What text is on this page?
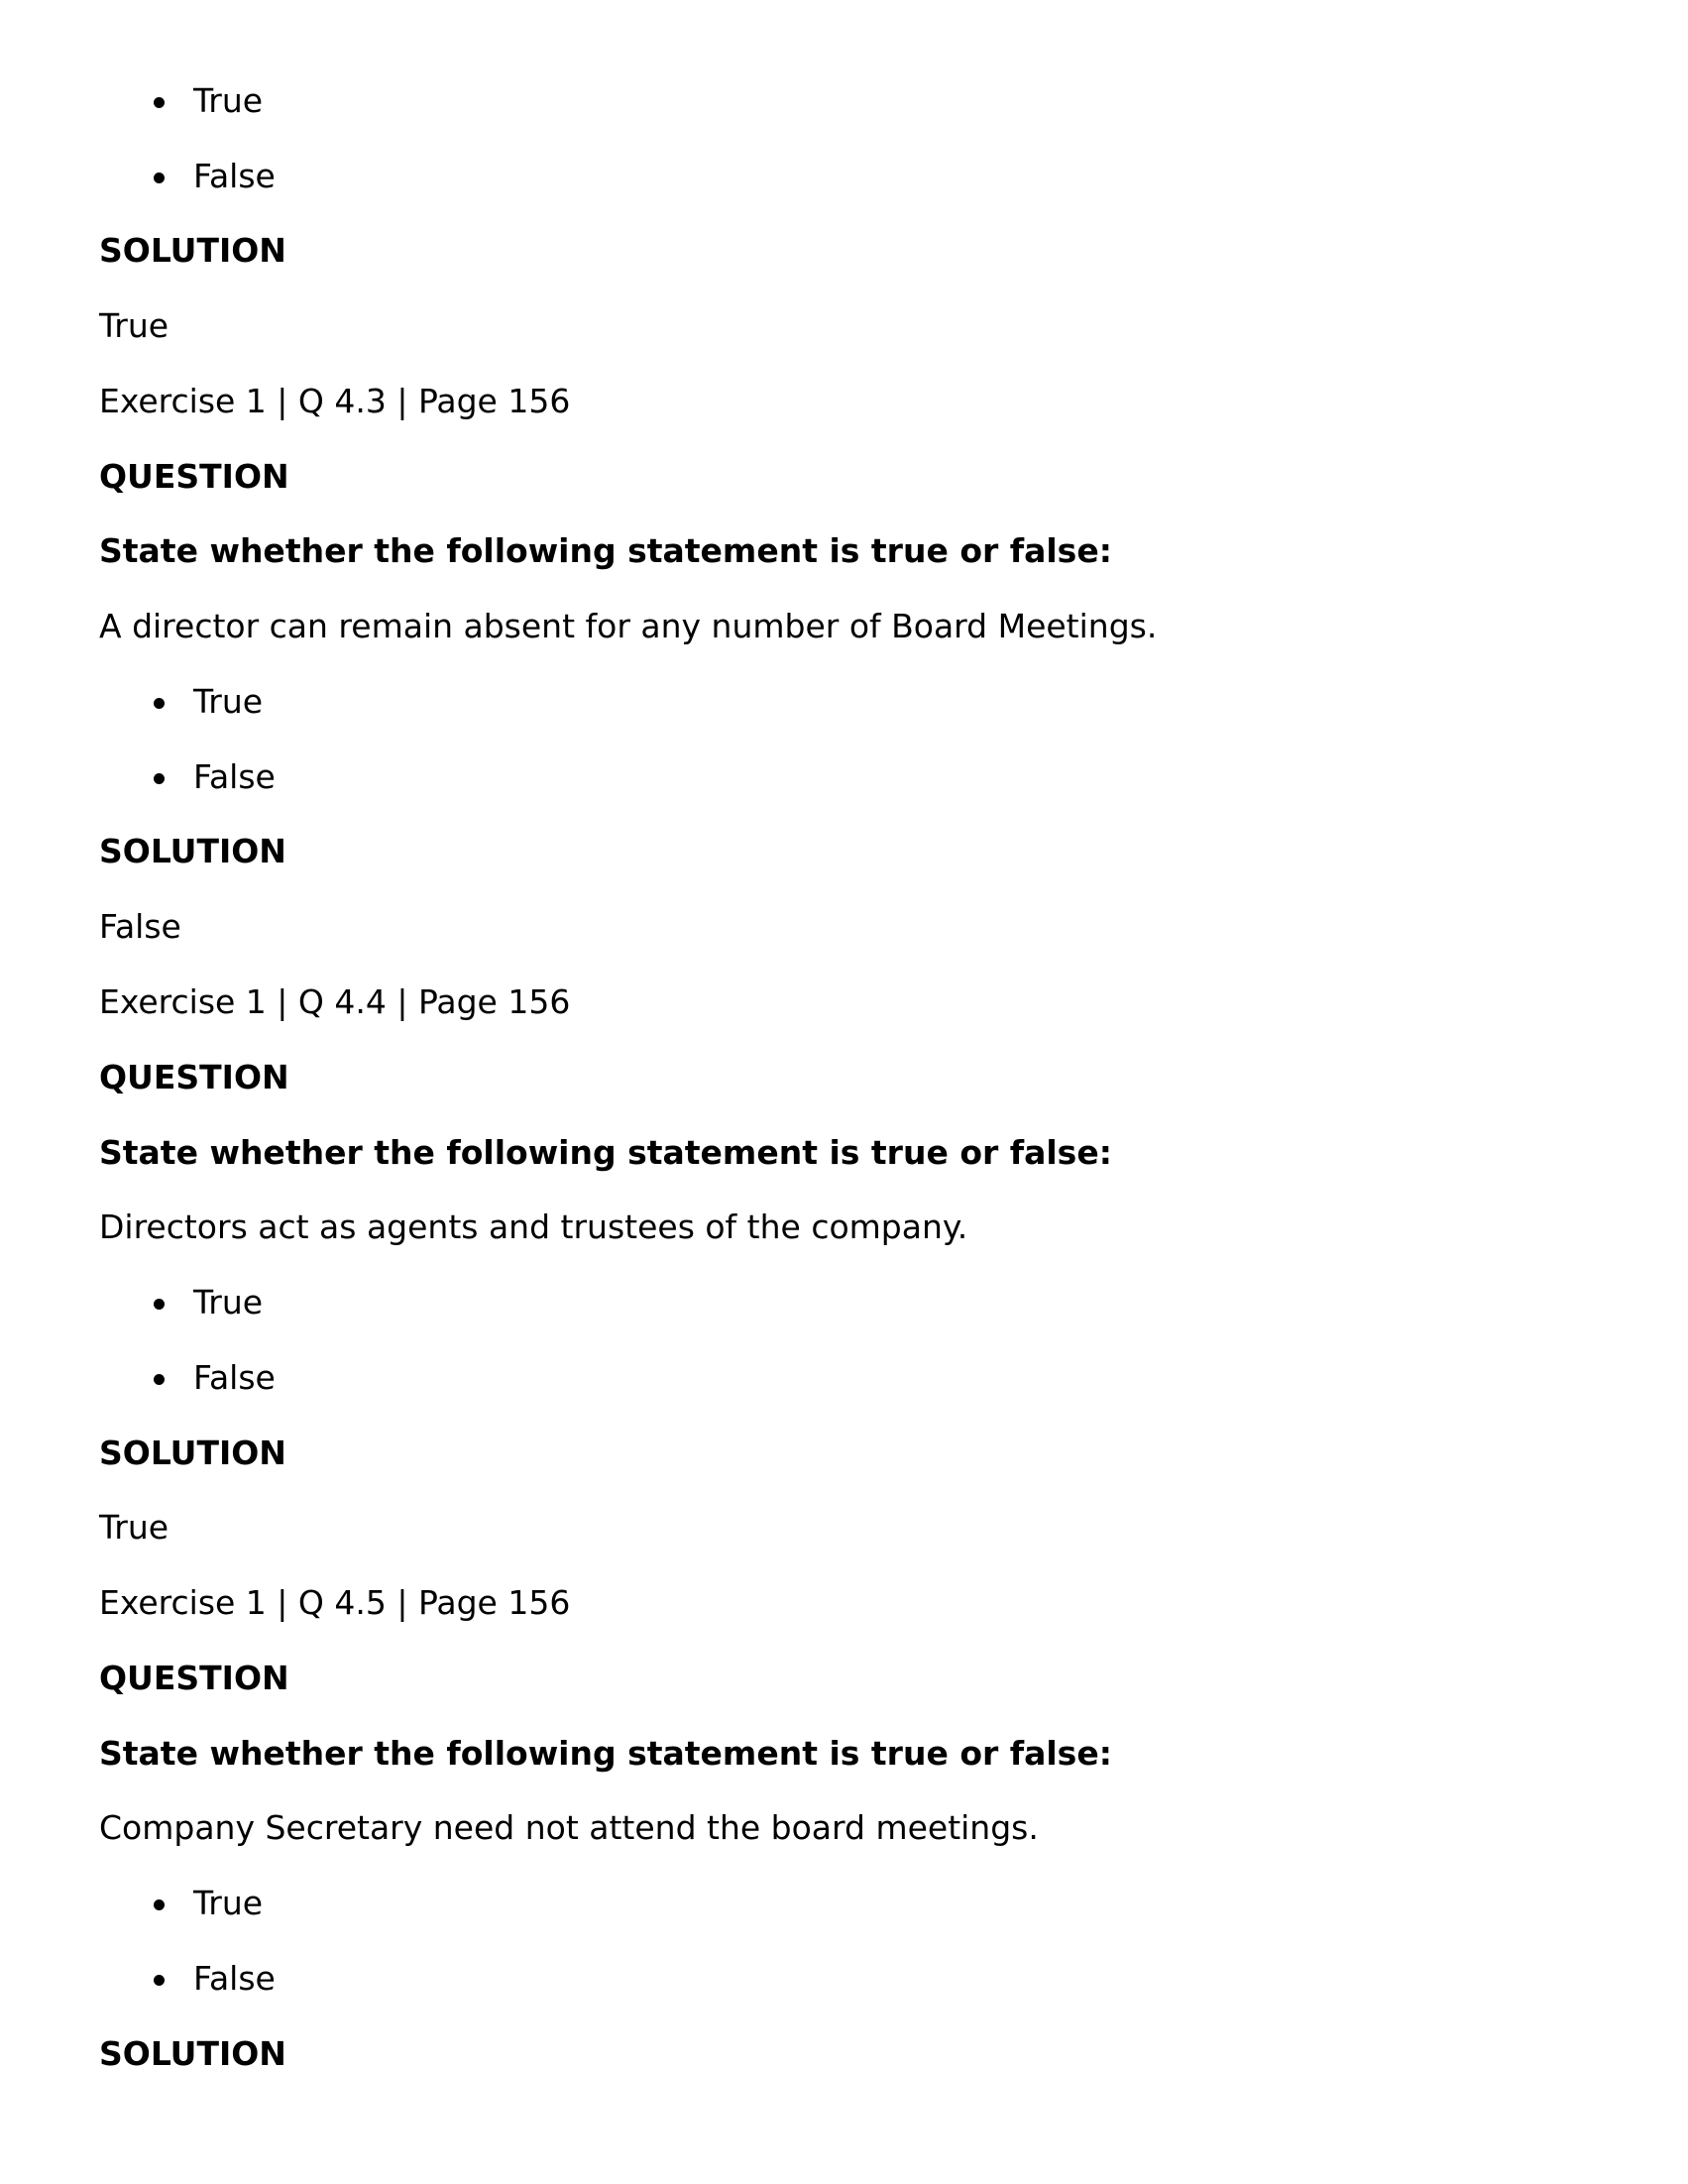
True
False
SOLUTION
True
Exercise 1 | Q 4.3 | Page 156
QUESTION
State whether the following statement is true or false:
A director can remain absent for any number of Board Meetings.
True
False
SOLUTION
False
Exercise 1 | Q 4.4 | Page 156
QUESTION
State whether the following statement is true or false:
Directors act as agents and trustees of the company.
True
False
SOLUTION
True
Exercise 1 | Q 4.5 | Page 156
QUESTION
State whether the following statement is true or false:
Company Secretary need not attend the board meetings.
True
False
SOLUTION
